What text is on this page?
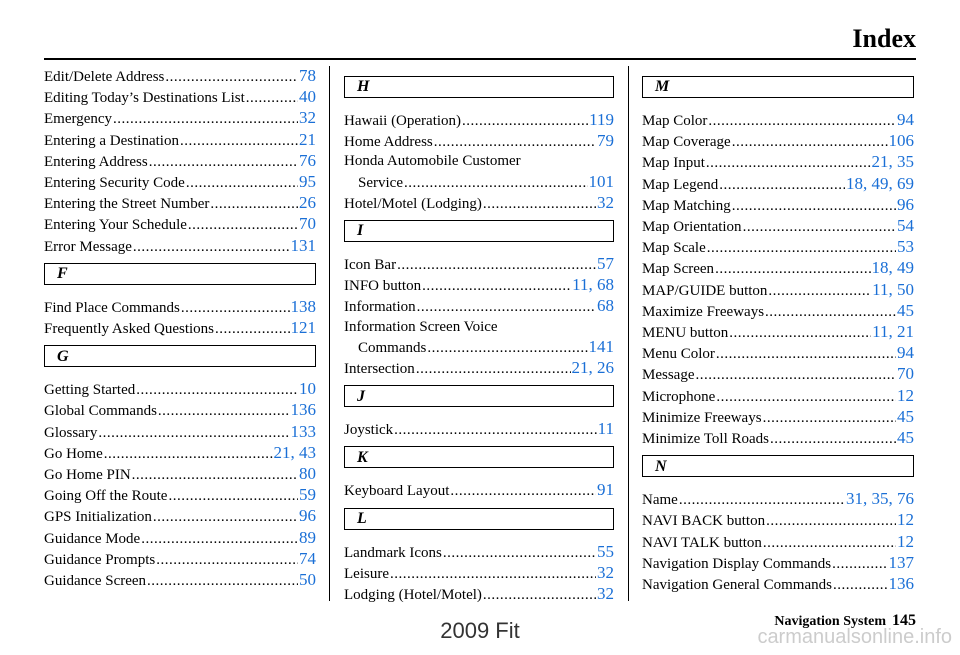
Index
Edit/Delete Address .....	78
Editing Today’s Destinations List .....	40
Emergency .....	32
Entering a Destination .....	21
Entering Address .....	76
Entering Security Code .....	95
Entering the Street Number .....	26
Entering Your Schedule .....	70
Error Message .....	131
F
Find Place Commands .....	138
Frequently Asked Questions .....	121
G
Getting Started .....	10
Global Commands .....	136
Glossary .....	133
Go Home .....	21, 43
Go Home PIN .....	80
Going Off the Route .....	59
GPS Initialization .....	96
Guidance Mode .....	89
Guidance Prompts .....	74
Guidance Screen .....	50
H
Hawaii (Operation) .....	119
Home Address .....	79
Honda Automobile Customer
Service .....	101
Hotel/Motel (Lodging) .....	32
I
Icon Bar .....	57
INFO button .....	11, 68
Information .....	68
Information Screen Voice
Commands .....	141
Intersection .....	21, 26
J
Joystick .....	11
K
Keyboard Layout .....	91
L
Landmark Icons .....	55
Leisure .....	32
Lodging (Hotel/Motel) .....	32
M
Map Color .....	94
Map Coverage .....	106
Map Input .....	21, 35
Map Legend .....	18, 49, 69
Map Matching .....	96
Map Orientation .....	54
Map Scale .....	53
Map Screen .....	18, 49
MAP/GUIDE button .....	11, 50
Maximize Freeways .....	45
MENU button .....	11, 21
Menu Color .....	94
Message .....	70
Microphone .....	12
Minimize Freeways .....	45
Minimize Toll Roads .....	45
N
Name .....	31, 35, 76
NAVI BACK button .....	12
NAVI TALK button .....	12
Navigation Display Commands .....	137
Navigation General Commands .....	136
Navigation System 145
2009 Fit	carmanualsonline.info
